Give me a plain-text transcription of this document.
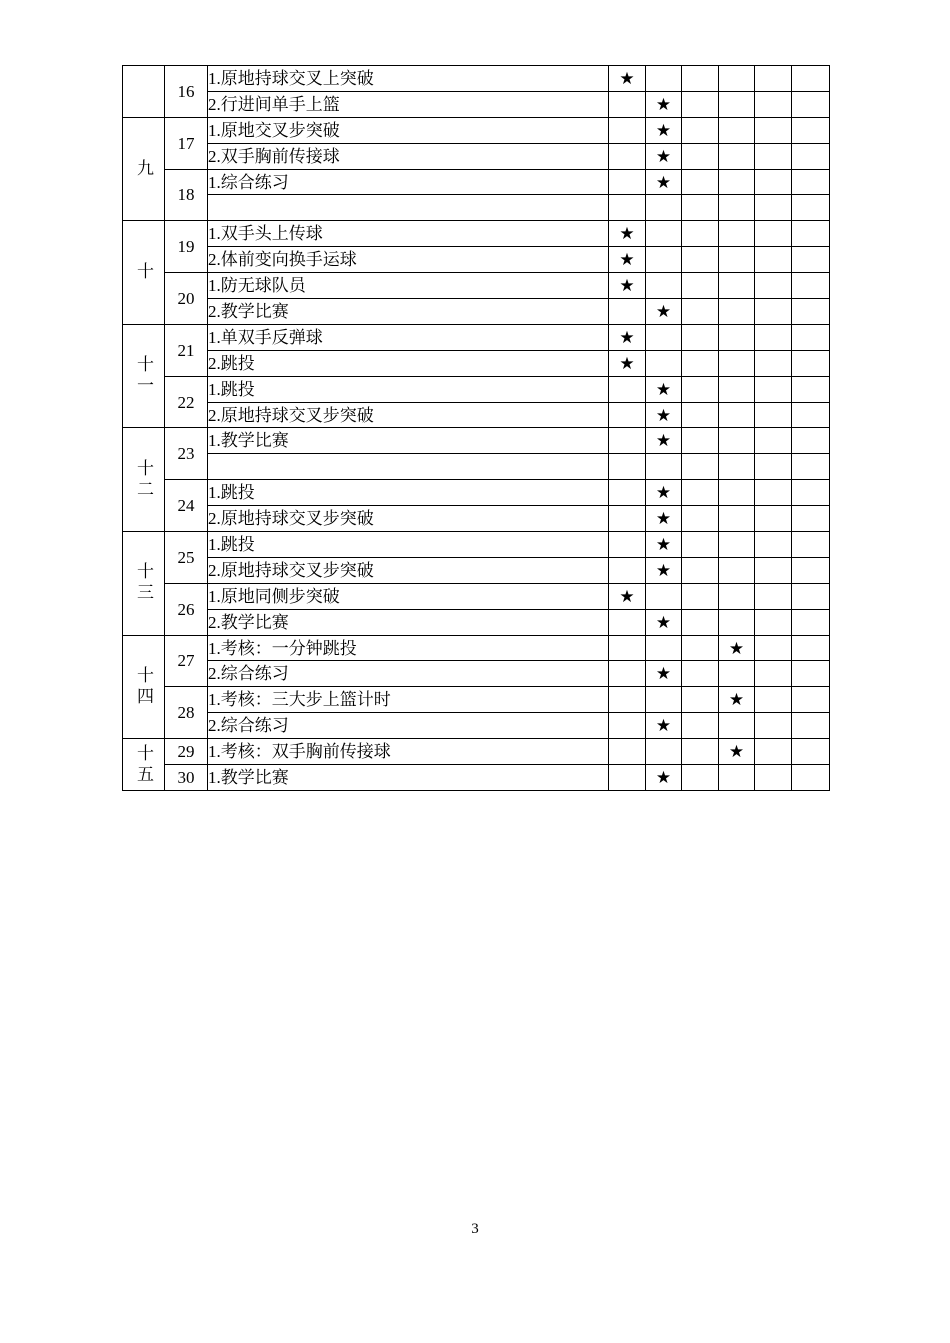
	16	1.原地持球交叉上突破	★					
		2.行进间单手上篮		★				
九	17	1.原地交叉步突破		★				
		2.双手胸前传接球		★				
	18	1.综合练习		★				

十	19	1.双手头上传球	★					
		2.体前变向换手运球	★					
	20	1.防无球队员	★					
		2.教学比赛		★				
十一	21	1.单双手反弹球	★					
		2.跳投	★					
	22	1.跳投		★				
		2.原地持球交叉步突破		★				
十二	23	1.教学比赛		★				

	24	1.跳投		★				
		2.原地持球交叉步突破		★				
十三	25	1.跳投		★				
		2.原地持球交叉步突破		★				
	26	1.原地同侧步突破	★					
		2.教学比赛		★				
十四	27	1.考核：一分钟跳投				★		
		2.综合练习		★				
	28	1.考核：三大步上篮计时				★		
		2.综合练习		★				
十五	29	1.考核：双手胸前传接球				★		
	30	1.教学比赛		★				
3
